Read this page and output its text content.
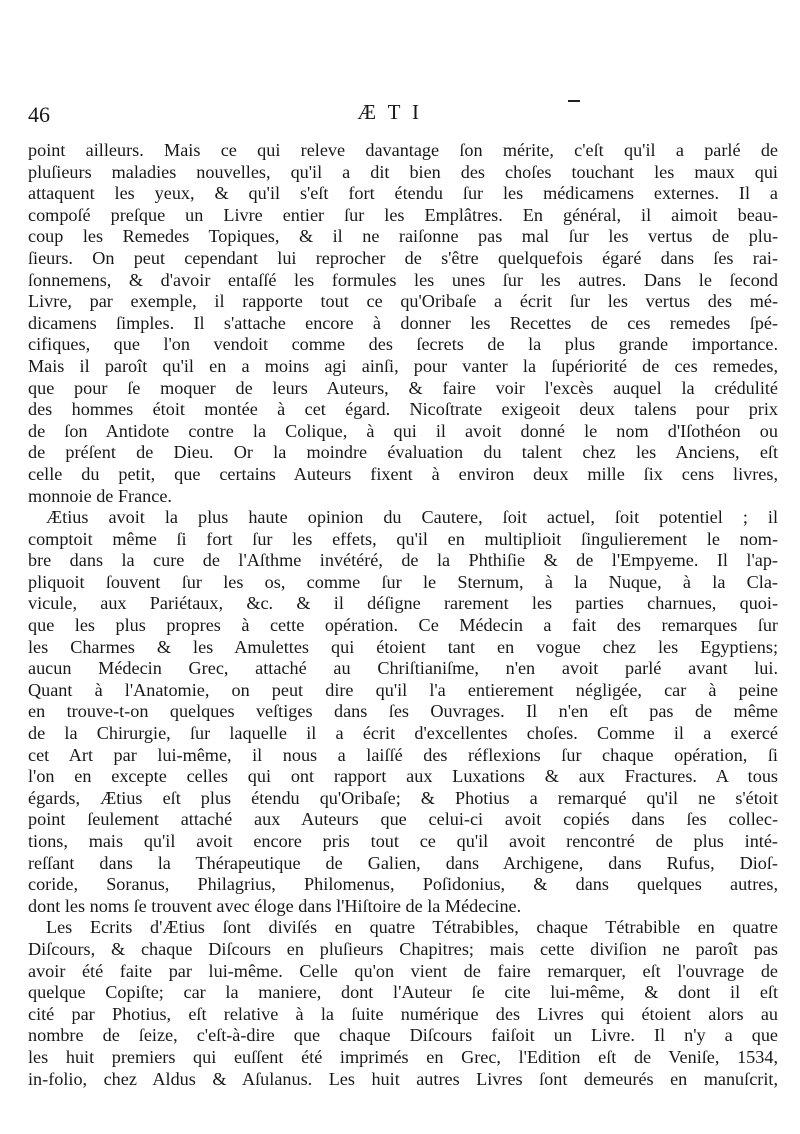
46	ÆTI
point ailleurs. Mais ce qui releve davantage ſon mérite, c'eſt qu'il a parlé de
pluſieurs maladies nouvelles, qu'il a dit bien des choſes touchant les maux qui
attaquent les yeux, & qu'il s'eſt fort étendu ſur les médicamens externes. Il a
compoſé preſque un Livre entier ſur les Emplâtres. En général, il aimoit beau-
coup les Remedes Topiques, & il ne raiſonne pas mal ſur les vertus de plu-
ſieurs. On peut cependant lui reprocher de s'être quelquefois égaré dans ſes rai-
ſonnemens, & d'avoir entaſſé les formules les unes ſur les autres. Dans le ſecond
Livre, par exemple, il rapporte tout ce qu'Oribaſe a écrit ſur les vertus des mé-
dicamens ſimples. Il s'attache encore à donner les Recettes de ces remedes ſpé-
cifiques, que l'on vendoit comme des ſecrets de la plus grande importance.
Mais il paroît qu'il en a moins agi ainſi, pour vanter la ſupériorité de ces remedes,
que pour ſe moquer de leurs Auteurs, & faire voir l'excès auquel la crédulité
des hommes étoit montée à cet égard. Nicoſtrate exigeoit deux talens pour prix
de ſon Antidote contre la Colique, à qui il avoit donné le nom d'Iſothéon ou
de préſent de Dieu. Or la moindre évaluation du talent chez les Anciens, eſt
celle du petit, que certains Auteurs fixent à environ deux mille ſix cens livres,
monnoie de France.
Ætius avoit la plus haute opinion du Cautere, ſoit actuel, ſoit potentiel ; il
comptoit même ſi fort ſur les effets, qu'il en multiplioit ſingulierement le nom-
bre dans la cure de l'Aſthme invétéré, de la Phthiſie & de l'Empyeme. Il l'ap-
pliquoit ſouvent ſur les os, comme ſur le Sternum, à la Nuque, à la Cla-
vicule, aux Pariétaux, &c. & il déſigne rarement les parties charnues, quoi-
que les plus propres à cette opération. Ce Médecin a fait des remarques ſur
les Charmes & les Amulettes qui étoient tant en vogue chez les Egyptiens;
aucun Médecin Grec, attaché au Chriſtianiſme, n'en avoit parlé avant lui.
Quant à l'Anatomie, on peut dire qu'il l'a entierement négligée, car à peine
en trouve-t-on quelques veſtiges dans ſes Ouvrages. Il n'en eſt pas de même
de la Chirurgie, ſur laquelle il a écrit d'excellentes choſes. Comme il a exercé
cet Art par lui-même, il nous a laiſſé des réflexions ſur chaque opération, ſi
l'on en excepte celles qui ont rapport aux Luxations & aux Fractures. A tous
égards, Ætius eſt plus étendu qu'Oribaſe; & Photius a remarqué qu'il ne s'étoit
point ſeulement attaché aux Auteurs que celui-ci avoit copiés dans ſes collec-
tions, mais qu'il avoit encore pris tout ce qu'il avoit rencontré de plus inté-
reſſant dans la Thérapeutique de Galien, dans Archigene, dans Rufus, Dioſ-
coride, Soranus, Philagrius, Philomenus, Poſidonius, & dans quelques autres,
dont les noms ſe trouvent avec éloge dans l'Hiſtoire de la Médecine.
Les Ecrits d'Ætius ſont diviſés en quatre Tétrabibles, chaque Tétrabible en quatre
Diſcours, & chaque Diſcours en pluſieurs Chapitres; mais cette diviſion ne paroît pas
avoir été faite par lui-même. Celle qu'on vient de faire remarquer, eſt l'ouvrage de
quelque Copiſte; car la maniere, dont l'Auteur ſe cite lui-même, & dont il eſt
cité par Photius, eſt relative à la ſuite numérique des Livres qui étoient alors au
nombre de ſeize, c'eſt-à-dire que chaque Diſcours faiſoit un Livre. Il n'y a que
les huit premiers qui euſſent été imprimés en Grec, l'Edition eſt de Veniſe, 1534,
in-folio, chez Aldus & Aſulanus. Les huit autres Livres ſont demeurés en manuſcrit,
